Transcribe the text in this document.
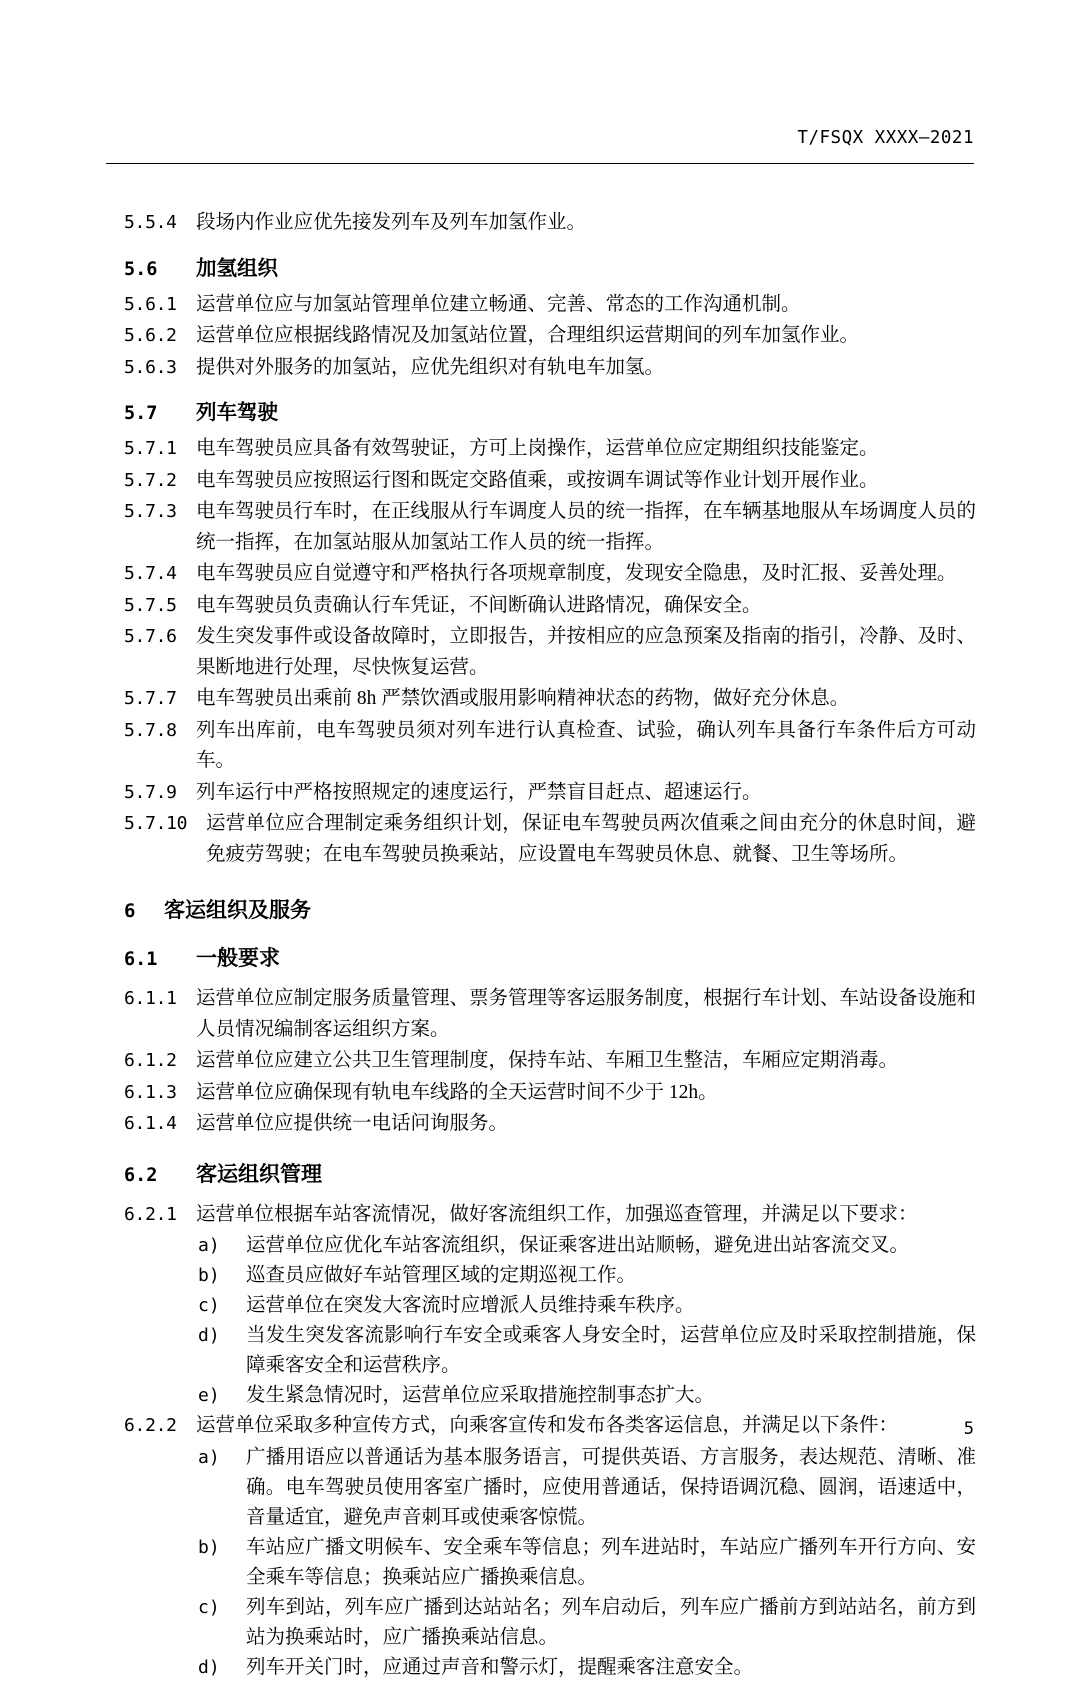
T/FSQX XXXX—2021

5.5.4 段场内作业应优先接发列车及列车加氢作业。

5.6	加氢组织

5.6.1 运营单位应与加氢站管理单位建立畅通、完善、常态的工作沟通机制。

5.6.2 运营单位应根据线路情况及加氢站位置，合理组织运营期间的列车加氢作业。

5.6.3 提供对外服务的加氢站，应优先组织对有轨电车加氢。

5.7	列车驾驶

5.7.1 电车驾驶员应具备有效驾驶证，方可上岗操作，运营单位应定期组织技能鉴定。

5.7.2 电车驾驶员应按照运行图和既定交路值乘，或按调车调试等作业计划开展作业。

5.7.3 电车驾驶员行车时，在正线服从行车调度人员的统一指挥，在车辆基地服从车场调度人员的统一指挥，在加氢站服从加氢站工作人员的统一指挥。

5.7.4 电车驾驶员应自觉遵守和严格执行各项规章制度，发现安全隐患，及时汇报、妥善处理。

5.7.5 电车驾驶员负责确认行车凭证，不间断确认进路情况，确保安全。

5.7.6 发生突发事件或设备故障时，立即报告，并按相应的应急预案及指南的指引，冷静、及时、果断地进行处理，尽快恢复运营。

5.7.7 电车驾驶员出乘前 8h 严禁饮酒或服用影响精神状态的药物，做好充分休息。

5.7.8 列车出库前，电车驾驶员须对列车进行认真检查、试验，确认列车具备行车条件后方可动车。

5.7.9 列车运行中严格按照规定的速度运行，严禁盲目赶点、超速运行。

5.7.10 运营单位应合理制定乘务组织计划，保证电车驾驶员两次值乘之间由充分的休息时间，避免疲劳驾驶；在电车驾驶员换乘站，应设置电车驾驶员休息、就餐、卫生等场所。

6	客运组织及服务
6.1	一般要求

6.1.1 运营单位应制定服务质量管理、票务管理等客运服务制度，根据行车计划、车站设备设施和人员情况编制客运组织方案。

6.1.2 运营单位应建立公共卫生管理制度，保持车站、车厢卫生整洁，车厢应定期消毒。

6.1.3 运营单位应确保现有轨电车线路的全天运营时间不少于 12h。

6.1.4 运营单位应提供统一电话问询服务。

6.2	客运组织管理

6.2.1 运营单位根据车站客流情况，做好客流组织工作，加强巡查管理，并满足以下要求：

a)	运营单位应优化车站客流组织，保证乘客进出站顺畅，避免进出站客流交叉。
b)	巡查员应做好车站管理区域的定期巡视工作。
c)	运营单位在突发大客流时应增派人员维持乘车秩序。
d)	当发生突发客流影响行车安全或乘客人身安全时，运营单位应及时采取控制措施，保障乘客安全和运营秩序。
e)	发生紧急情况时，运营单位应采取措施控制事态扩大。

6.2.2 运营单位采取多种宣传方式，向乘客宣传和发布各类客运信息，并满足以下条件：

a)	广播用语应以普通话为基本服务语言，可提供英语、方言服务，表达规范、清晰、准确。电车驾驶员使用客室广播时，应使用普通话，保持语调沉稳、圆润，语速适中，音量适宜，避免声音刺耳或使乘客惊慌。
b)	车站应广播文明候车、安全乘车等信息；列车进站时，车站应广播列车开行方向、安全乘车等信息；换乘站应广播换乘信息。
c)	列车到站，列车应广播到达站站名；列车启动后，列车应广播前方到站站名，前方到站为换乘站时，应广播换乘站信息。
d)	列车开关门时，应通过声音和警示灯，提醒乘客注意安全。
5
